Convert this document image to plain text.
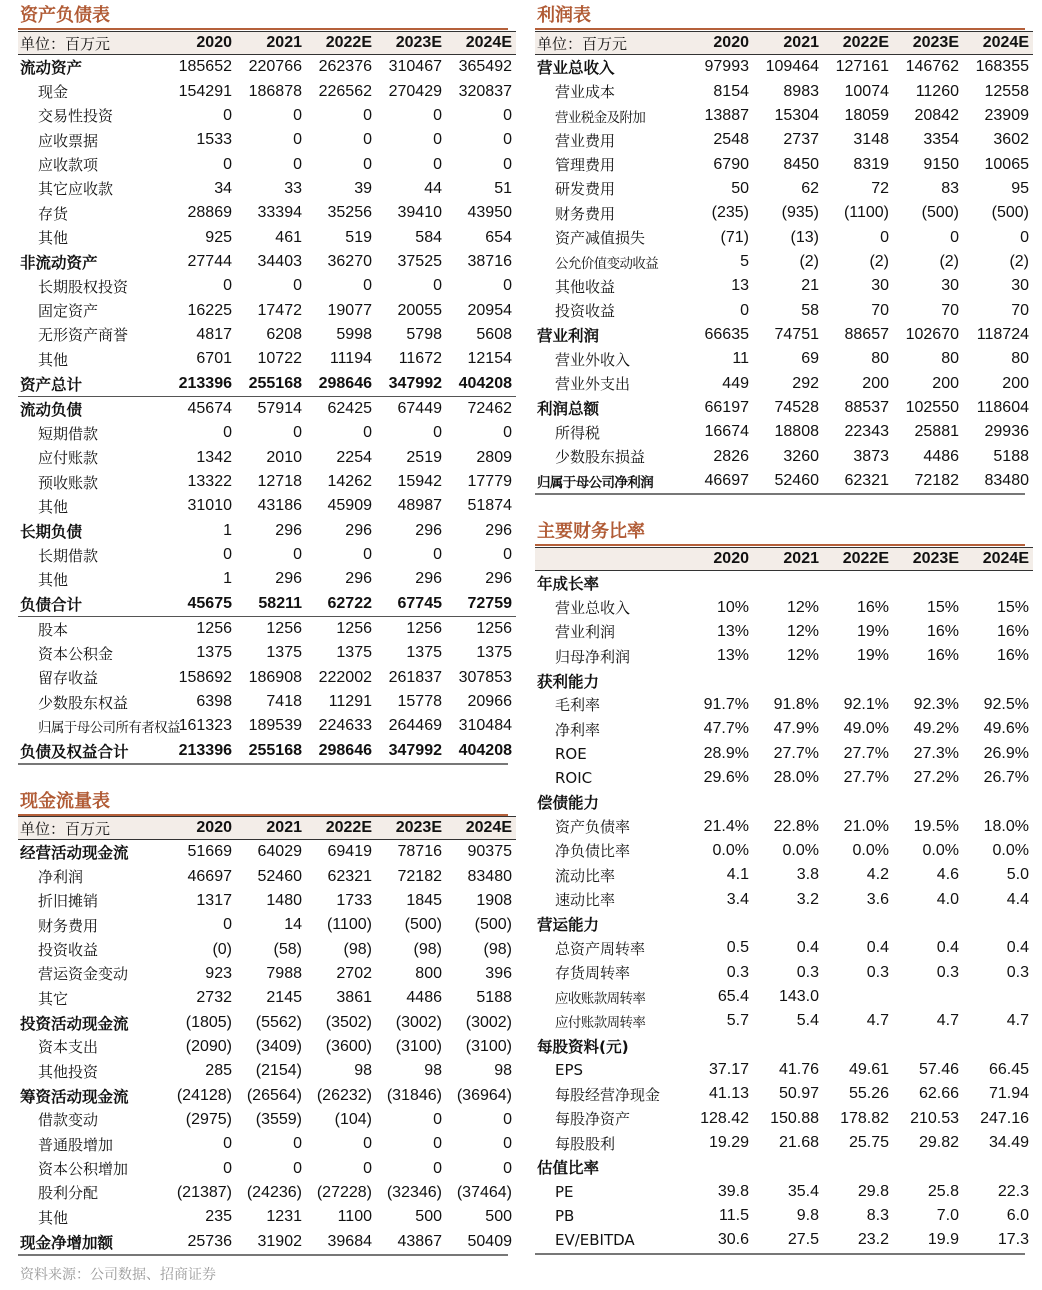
资产负债表
单位：百万元	2020	2021	2022E	2023E	2024E
流动资产	185652	220766	262376	310467	365492
现金	154291	186878	226562	270429	320837
交易性投资	0	0	0	0	0
应收票据	1533	0	0	0	0
应收款项	0	0	0	0	0
其它应收款	34	33	39	44	51
存货	28869	33394	35256	39410	43950
其他	925	461	519	584	654
非流动资产	27744	34403	36270	37525	38716
长期股权投资	0	0	0	0	0
固定资产	16225	17472	19077	20055	20954
无形资产商誉	4817	6208	5998	5798	5608
其他	6701	10722	11194	11672	12154
资产总计	213396	255168	298646	347992	404208
流动负债	45674	57914	62425	67449	72462
短期借款	0	0	0	0	0
应付账款	1342	2010	2254	2519	2809
预收账款	13322	12718	14262	15942	17779
其他	31010	43186	45909	48987	51874
长期负债	1	296	296	296	296
长期借款	0	0	0	0	0
其他	1	296	296	296	296
负债合计	45675	58211	62722	67745	72759
股本	1256	1256	1256	1256	1256
资本公积金	1375	1375	1375	1375	1375
留存收益	158692	186908	222002	261837	307853
少数股东权益	6398	7418	11291	15778	20966
归属于母公司所有者权益	161323	189539	224633	264469	310484
负债及权益合计	213396	255168	298646	347992	404208
现金流量表
单位：百万元	2020	2021	2022E	2023E	2024E
经营活动现金流	51669	64029	69419	78716	90375
净利润	46697	52460	62321	72182	83480
折旧摊销	1317	1480	1733	1845	1908
财务费用	0	14	(1100)	(500)	(500)
投资收益	(0)	(58)	(98)	(98)	(98)
营运资金变动	923	7988	2702	800	396
其它	2732	2145	3861	4486	5188
投资活动现金流	(1805)	(5562)	(3502)	(3002)	(3002)
资本支出	(2090)	(3409)	(3600)	(3100)	(3100)
其他投资	285	(2154)	98	98	98
筹资活动现金流	(24128)	(26564)	(26232)	(31846)	(36964)
借款变动	(2975)	(3559)	(104)	0	0
普通股增加	0	0	0	0	0
资本公积增加	0	0	0	0	0
股利分配	(21387)	(24236)	(27228)	(32346)	(37464)
其他	235	1231	1100	500	500
现金净增加额	25736	31902	39684	43867	50409
利润表
单位：百万元	2020	2021	2022E	2023E	2024E
营业总收入	97993	109464	127161	146762	168355
营业成本	8154	8983	10074	11260	12558
营业税金及附加	13887	15304	18059	20842	23909
营业费用	2548	2737	3148	3354	3602
管理费用	6790	8450	8319	9150	10065
研发费用	50	62	72	83	95
财务费用	(235)	(935)	(1100)	(500)	(500)
资产减值损失	(71)	(13)	0	0	0
公允价值变动收益	5	(2)	(2)	(2)	(2)
其他收益	13	21	30	30	30
投资收益	0	58	70	70	70
营业利润	66635	74751	88657	102670	118724
营业外收入	11	69	80	80	80
营业外支出	449	292	200	200	200
利润总额	66197	74528	88537	102550	118604
所得税	16674	18808	22343	25881	29936
少数股东损益	2826	3260	3873	4486	5188
归属于母公司净利润	46697	52460	62321	72182	83480
主要财务比率
	2020	2021	2022E	2023E	2024E
年成长率					
营业总收入	10%	12%	16%	15%	15%
营业利润	13%	12%	19%	16%	16%
归母净利润	13%	12%	19%	16%	16%
获利能力					
毛利率	91.7%	91.8%	92.1%	92.3%	92.5%
净利率	47.7%	47.9%	49.0%	49.2%	49.6%
ROE	28.9%	27.7%	27.7%	27.3%	26.9%
ROIC	29.6%	28.0%	27.7%	27.2%	26.7%
偿债能力					
资产负债率	21.4%	22.8%	21.0%	19.5%	18.0%
净负债比率	0.0%	0.0%	0.0%	0.0%	0.0%
流动比率	4.1	3.8	4.2	4.6	5.0
速动比率	3.4	3.2	3.6	4.0	4.4
营运能力					
总资产周转率	0.5	0.4	0.4	0.4	0.4
存货周转率	0.3	0.3	0.3	0.3	0.3
应收账款周转率	65.4	143.0			
应付账款周转率	5.7	5.4	4.7	4.7	4.7
每股资料(元)					
EPS	37.17	41.76	49.61	57.46	66.45
每股经营净现金	41.13	50.97	55.26	62.66	71.94
每股净资产	128.42	150.88	178.82	210.53	247.16
每股股利	19.29	21.68	25.75	29.82	34.49
估值比率					
PE	39.8	35.4	29.8	25.8	22.3
PB	11.5	9.8	8.3	7.0	6.0
EV/EBITDA	30.6	27.5	23.2	19.9	17.3
资料来源：公司数据、招商证券
